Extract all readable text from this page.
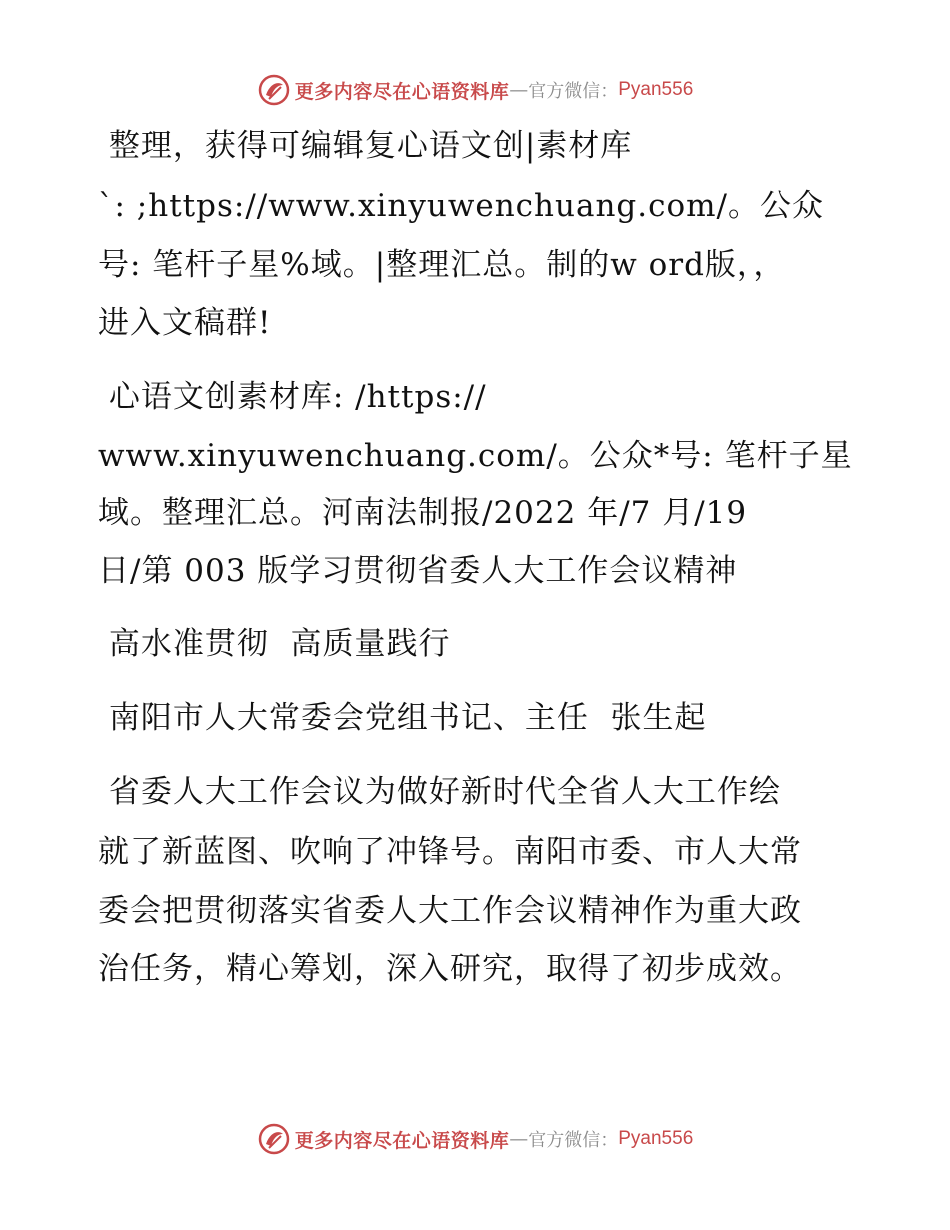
更多内容尽在心语资料库 — 官方微信： Pyan556
整理，获得可编辑复心语文创|素材库
`: ;https://www.xinyuwenchuang.com/。公众
号: 笔杆子星%域。|整理汇总。制的w ord版，，
进入文稿群!
心语文创素材库: /https://
www.xinyuwenchuang.com/。公众*号: 笔杆子星
域。整理汇总。河南法制报/2022 年/7 月/19
日/第 003 版学习贯彻省委人大工作会议精神
高水准贯彻  高质量践行
南阳市人大常委会党组书记、主任  张生起
省委人大工作会议为做好新时代全省人大工作绘
就了新蓝图、吹响了冲锋号。南阳市委、市人大常
委会把贯彻落实省委人大工作会议精神作为重大政
治任务，精心筹划，深入研究，取得了初步成效。
更多内容尽在心语资料库 — 官方微信： Pyan556
